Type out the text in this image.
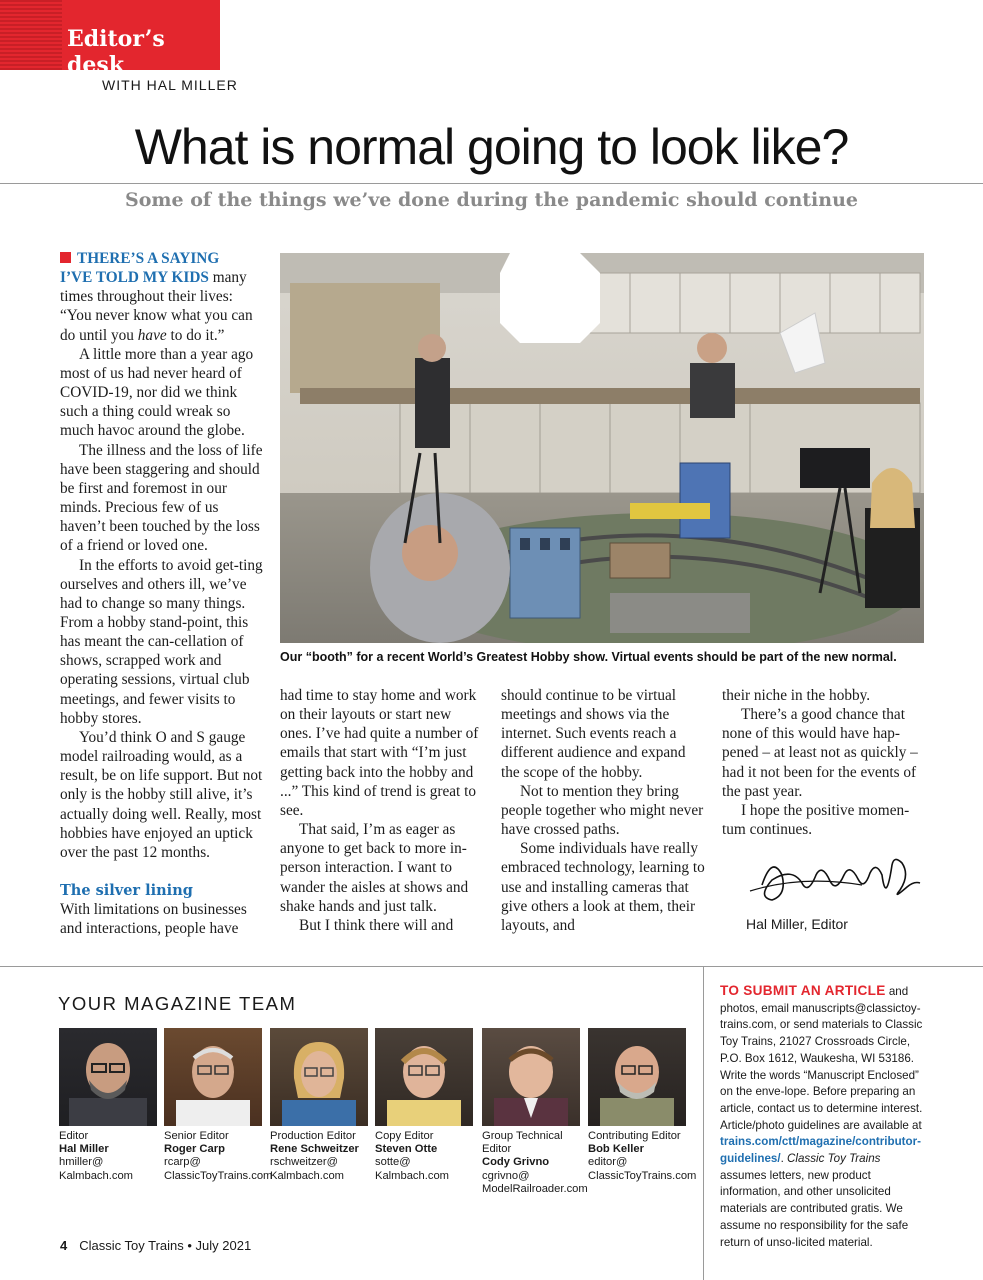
Editor’s desk
WITH HAL MILLER
What is normal going to look like?
Some of the things we’ve done during the pandemic should continue

THERE’S A SAYING
I’VE TOLD MY KIDS many times throughout their lives: “You never know what you can do until you have to do it.”

A little more than a year ago most of us had never heard of COVID-19, nor did we think such a thing could wreak so much havoc around the globe.

The illness and the loss of life have been staggering and should be first and foremost in our minds. Precious few of us haven’t been touched by the loss of a friend or loved one.

In the efforts to avoid get-ting ourselves and others ill, we’ve had to change so many things. From a hobby stand-point, this has meant the can-cellation of shows, scrapped work and operating sessions, virtual club meetings, and fewer visits to hobby stores.

You’d think O and S gauge model railroading would, as a result, be on life support. But not only is the hobby still alive, it’s actually doing well. Really, most hobbies have enjoyed an uptick over the past 12 months.

The silver lining

With limitations on businesses and interactions, people have

Our “booth” for a recent World’s Greatest Hobby show. Virtual events should be part of the new normal.

had time to stay home and work on their layouts or start new ones. I’ve had quite a number of emails that start with “I’m just getting back into the hobby and ...” This kind of trend is great to see.

That said, I’m as eager as anyone to get back to more in-person interaction. I want to wander the aisles at shows and shake hands and just talk.

But I think there will and

should continue to be virtual meetings and shows via the internet. Such events reach a different audience and expand the scope of the hobby.

Not to mention they bring people together who might never have crossed paths.

Some individuals have really embraced technology, learning to use and installing cameras that give others a look at them, their layouts, and

their niche in the hobby.

There’s a good chance that none of this would have hap-pened – at least not as quickly – had it not been for the events of the past year.

I hope the positive momen-tum continues.

Hal Miller, Editor
YOUR MAGAZINE TEAM
Editor
Hal Miller
hmiller@
Kalmbach.com
Senior Editor
Roger Carp
rcarp@
ClassicToyTrains.com
Production Editor
Rene Schweitzer
rschweitzer@
Kalmbach.com
Copy Editor
Steven Otte
sotte@
Kalmbach.com
Group Technical
Editor
Cody Grivno
cgrivno@
ModelRailroader.com
Contributing Editor
Bob Keller
editor@
ClassicToyTrains.com
TO SUBMIT AN ARTICLE and photos, email manuscripts@classictoy-trains.com, or send materials to Classic Toy Trains, 21027 Crossroads Circle, P.O. Box 1612, Waukesha, WI 53186. Write the words “Manuscript Enclosed” on the enve-lope. Before preparing an article, contact us to determine interest. Article/photo guidelines are available at trains.com/ctt/magazine/contributor-guidelines/. Classic Toy Trains assumes letters, new product information, and other unsolicited materials are contributed gratis. We assume no responsibility for the safe return of unso-licited material.
4 Classic Toy Trains • July 2021
